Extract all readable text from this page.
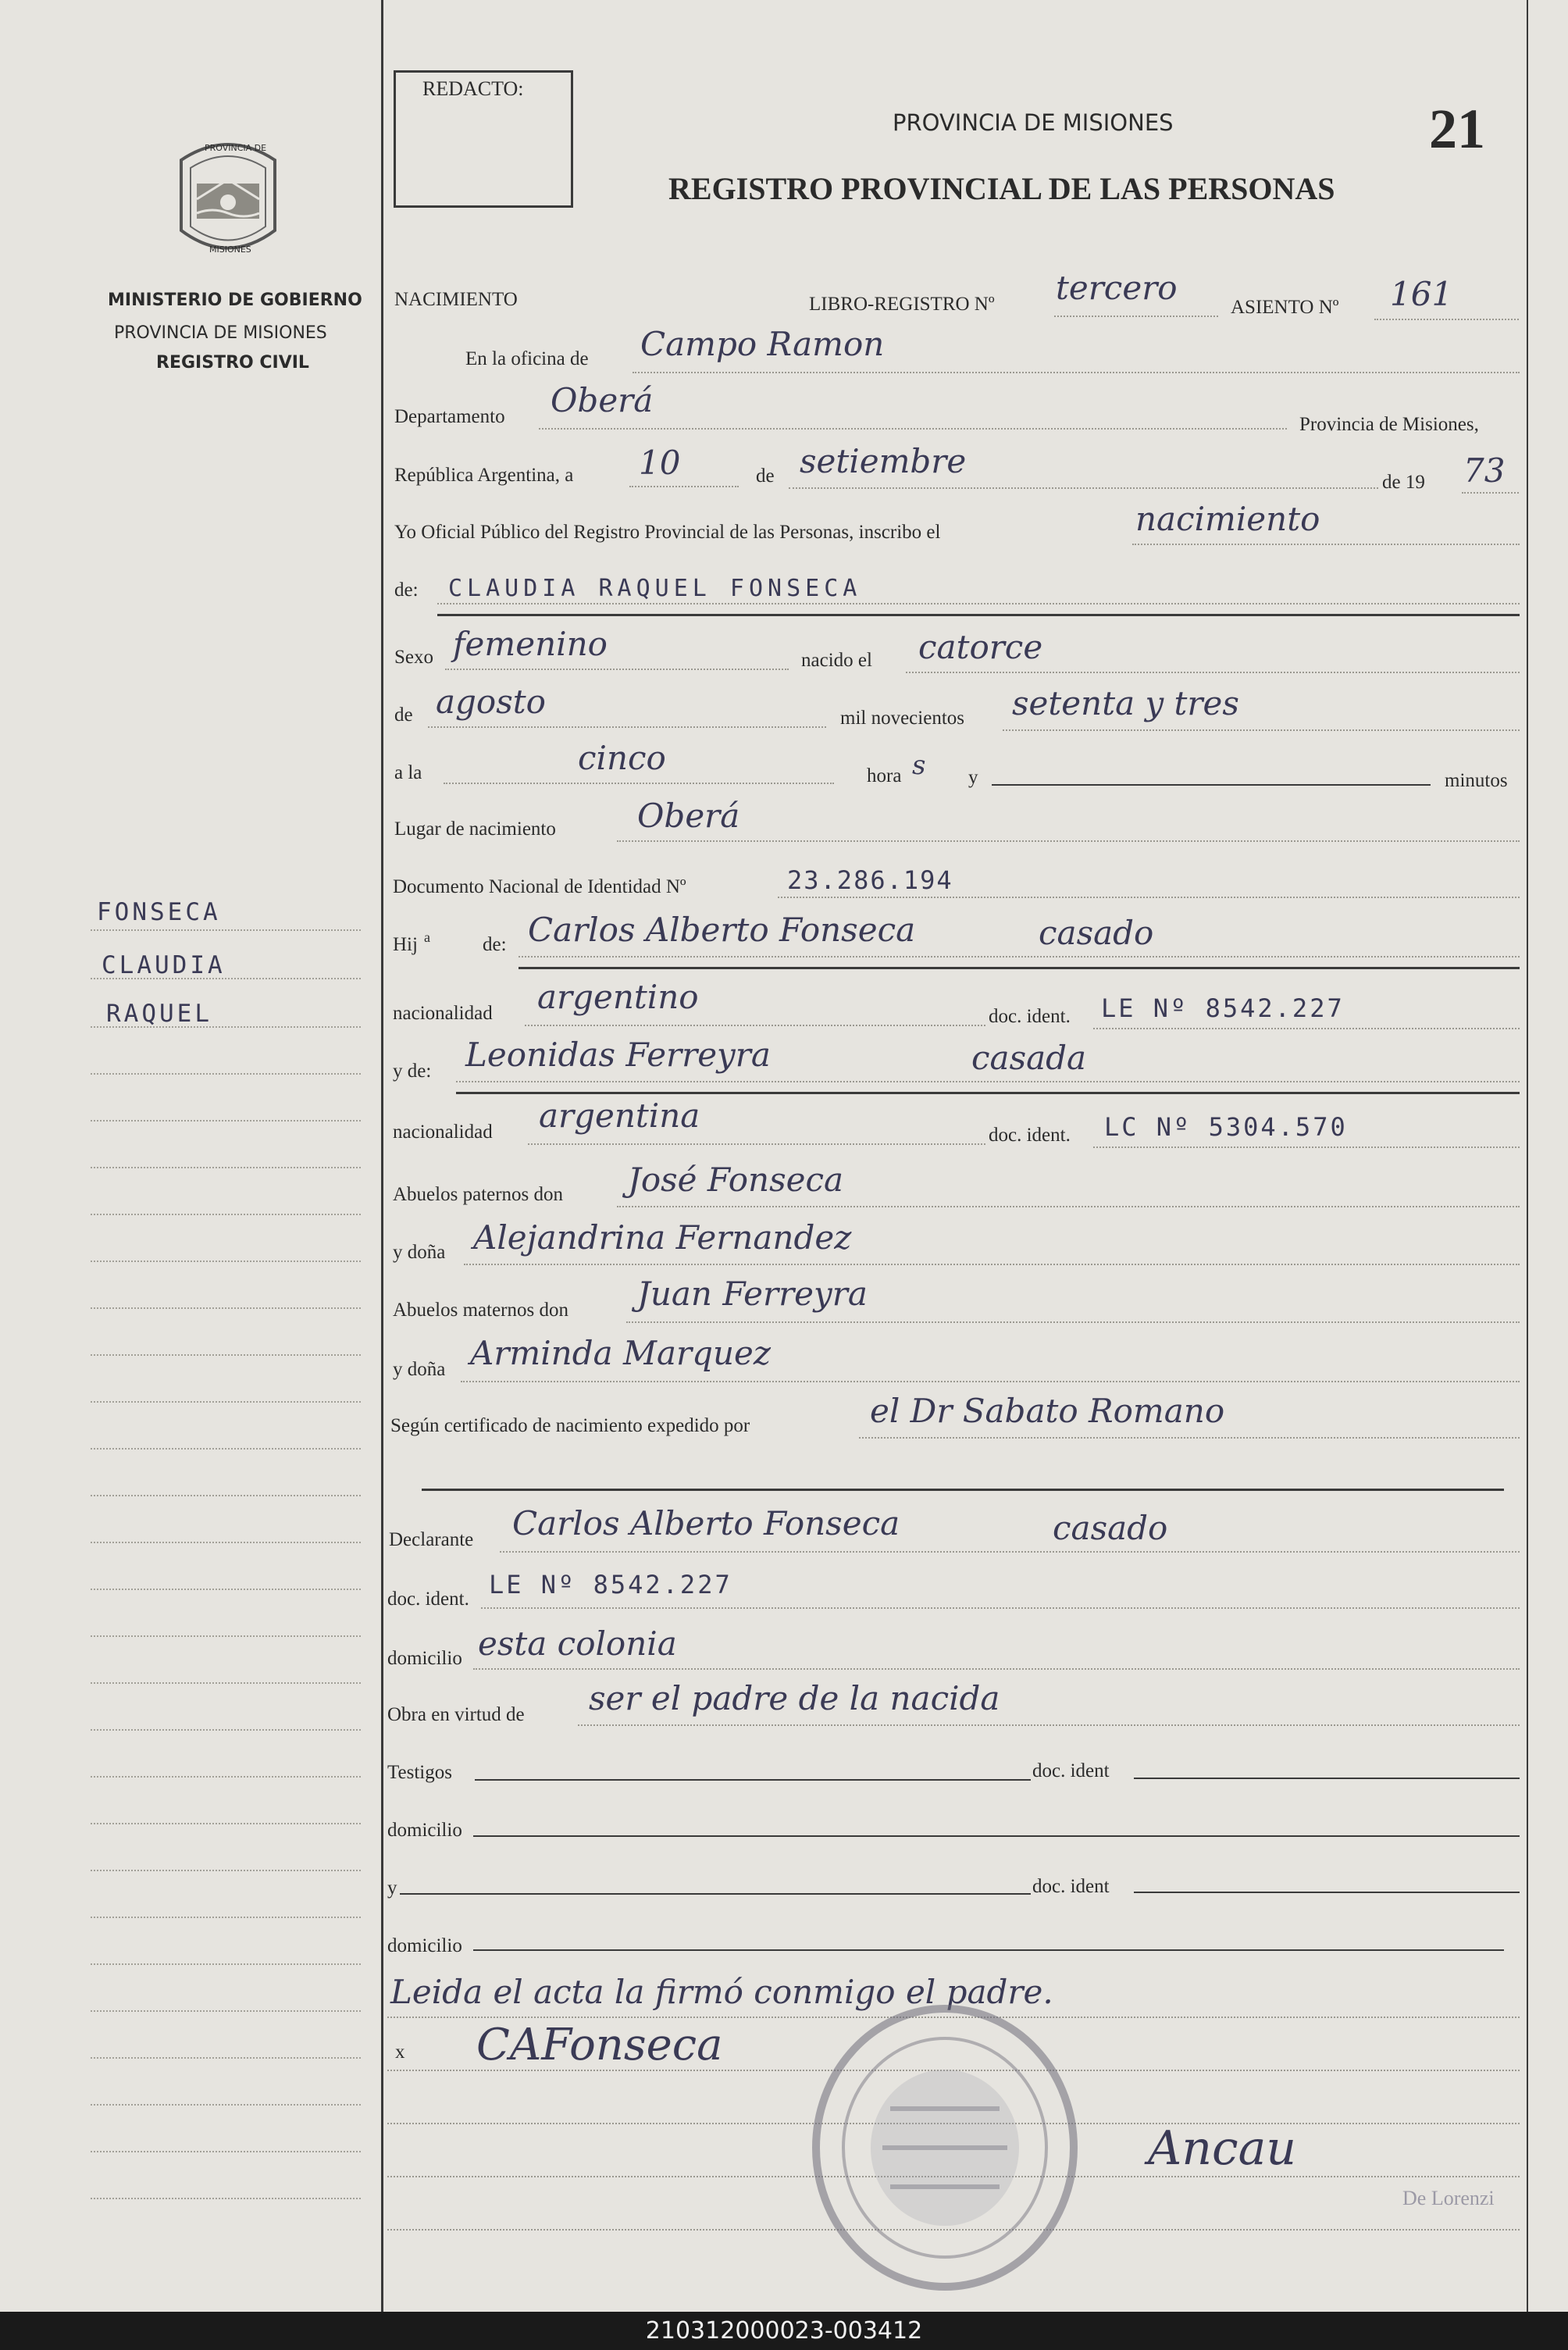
PROVINCIA DE
MISIONES
MINISTERIO DE GOBIERNO
PROVINCIA DE MISIONES
REGISTRO CIVIL
FONSECA
CLAUDIA
RAQUEL
REDACTO:
PROVINCIA DE MISIONES
REGISTRO PROVINCIAL DE LAS PERSONAS
21
NACIMIENTO	LIBRO-REGISTRO Nº tercero
ASIENTO Nº 161
En la oficina de Campo Ramon
Departamento Oberá
Provincia de Misiones,
República Argentina, a 10	de setiembre
de 19 73
Yo Oficial Público del Registro Provincial de las Personas, inscribo el	nacimiento
de: CLAUDIA RAQUEL FONSECA
Sexo femenino	nacido el catorce
de agosto	mil novecientos setenta y tres
a la	cinco	hora s y	minutos
Lugar de nacimiento Oberá
Documento Nacional de Identidad Nº	23.286.194
Hij a	de: Carlos Alberto Fonseca	casado
nacionalidad argentino
doc. ident. LE Nº 8542.227
y de: Leonidas Ferreyra	casada
nacionalidad argentina
doc. ident. LC Nº 5304.570
Abuelos paternos don José Fonseca
y doña Alejandrina Fernandez
Abuelos maternos don Juan Ferreyra
y doña Arminda Marquez
Según certificado de nacimiento expedido por	el Dr Sabato Romano
Declarante Carlos Alberto Fonseca	casado
doc. ident. LE Nº 8542.227
domicilio esta colonia
Obra en virtud de ser el padre de la nacida
Testigos	doc. ident
domicilio
y	doc. ident
domicilio
Leida el acta la firmó conmigo el padre.
x CAFonseca
Ancau
De Lorenzi
210312000023-003412
